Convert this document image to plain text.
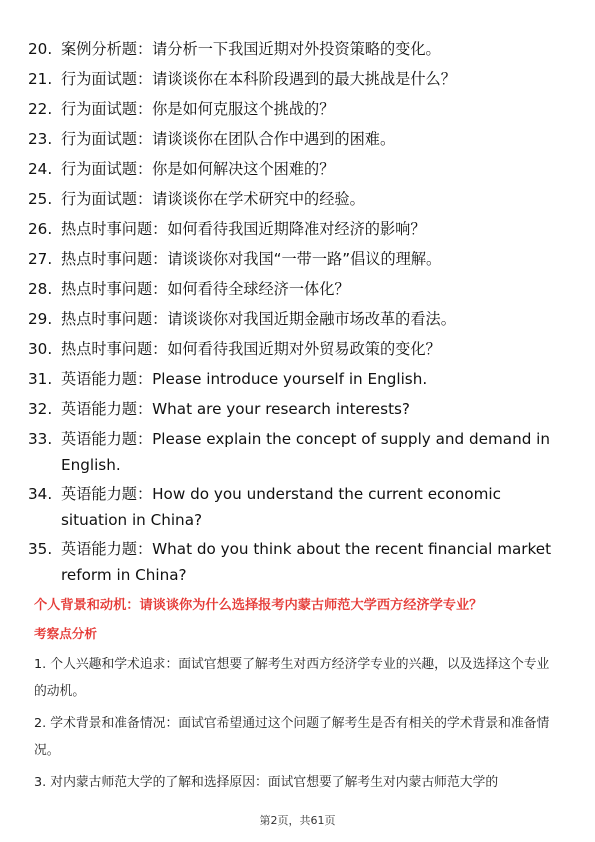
20. 案例分析题：请分析一下我国近期对外投资策略的变化。
21. 行为面试题：请谈谈你在本科阶段遇到的最大挑战是什么？
22. 行为面试题：你是如何克服这个挑战的？
23. 行为面试题：请谈谈你在团队合作中遇到的困难。
24. 行为面试题：你是如何解决这个困难的？
25. 行为面试题：请谈谈你在学术研究中的经验。
26. 热点时事问题：如何看待我国近期降准对经济的影响？
27. 热点时事问题：请谈谈你对我国“一带一路”倡议的理解。
28. 热点时事问题：如何看待全球经济一体化？
29. 热点时事问题：请谈谈你对我国近期金融市场改革的看法。
30. 热点时事问题：如何看待我国近期对外贸易政策的变化？
31. 英语能力题：Please introduce yourself in English.
32. 英语能力题：What are your research interests?
33. 英语能力题：Please explain the concept of supply and demand in English.
34. 英语能力题：How do you understand the current economic situation in China?
35. 英语能力题：What do you think about the recent financial market reform in China?
个人背景和动机：请谈谈你为什么选择报考内蒙古师范大学西方经济学专业？
考察点分析
1. 个人兴趣和学术追求：面试官想要了解考生对西方经济学专业的兴趣，以及选择这个专业的动机。
2. 学术背景和准备情况：面试官希望通过这个问题了解考生是否有相关的学术背景和准备情况。
3. 对内蒙古师范大学的了解和选择原因：面试官想要了解考生对内蒙古师范大学的
第2页，共61页
